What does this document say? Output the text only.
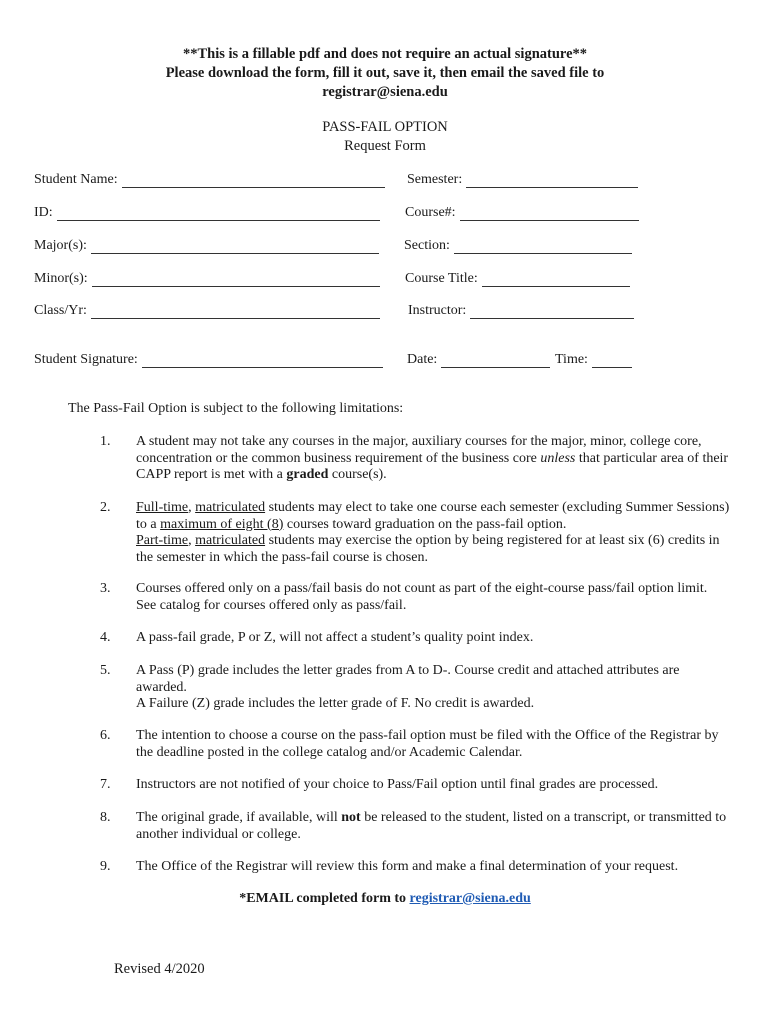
**This is a fillable pdf and does not require an actual signature**
Please download the form, fill it out, save it, then email the saved file to
registrar@siena.edu
PASS-FAIL OPTION
Request Form
Student Name:	Semester:
ID:	Course#:
Major(s):	Section:
Minor(s):	Course Title:
Class/Yr:	Instructor:
Student Signature:	Date:	Time:
The Pass-Fail Option is subject to the following limitations:
1.	A student may not take any courses in the major, auxiliary courses for the major, minor, college core, concentration or the common business requirement of the business core unless that particular area of their CAPP report is met with a graded course(s).
2.	Full-time, matriculated students may elect to take one course each semester (excluding Summer Sessions) to a maximum of eight (8) courses toward graduation on the pass-fail option.
Part-time, matriculated students may exercise the option by being registered for at least six (6) credits in the semester in which the pass-fail course is chosen.
3.	Courses offered only on a pass/fail basis do not count as part of the eight-course pass/fail option limit. See catalog for courses offered only as pass/fail.
4.	A pass-fail grade, P or Z, will not affect a student’s quality point index.
5.	A Pass (P) grade includes the letter grades from A to D-. Course credit and attached attributes are awarded.
A Failure (Z) grade includes the letter grade of F. No credit is awarded.
6.	The intention to choose a course on the pass-fail option must be filed with the Office of the Registrar by the deadline posted in the college catalog and/or Academic Calendar.
7.	Instructors are not notified of your choice to Pass/Fail option until final grades are processed.
8.	The original grade, if available, will not be released to the student, listed on a transcript, or transmitted to another individual or college.
9.	The Office of the Registrar will review this form and make a final determination of your request.
*EMAIL completed form to registrar@siena.edu
Revised 4/2020
